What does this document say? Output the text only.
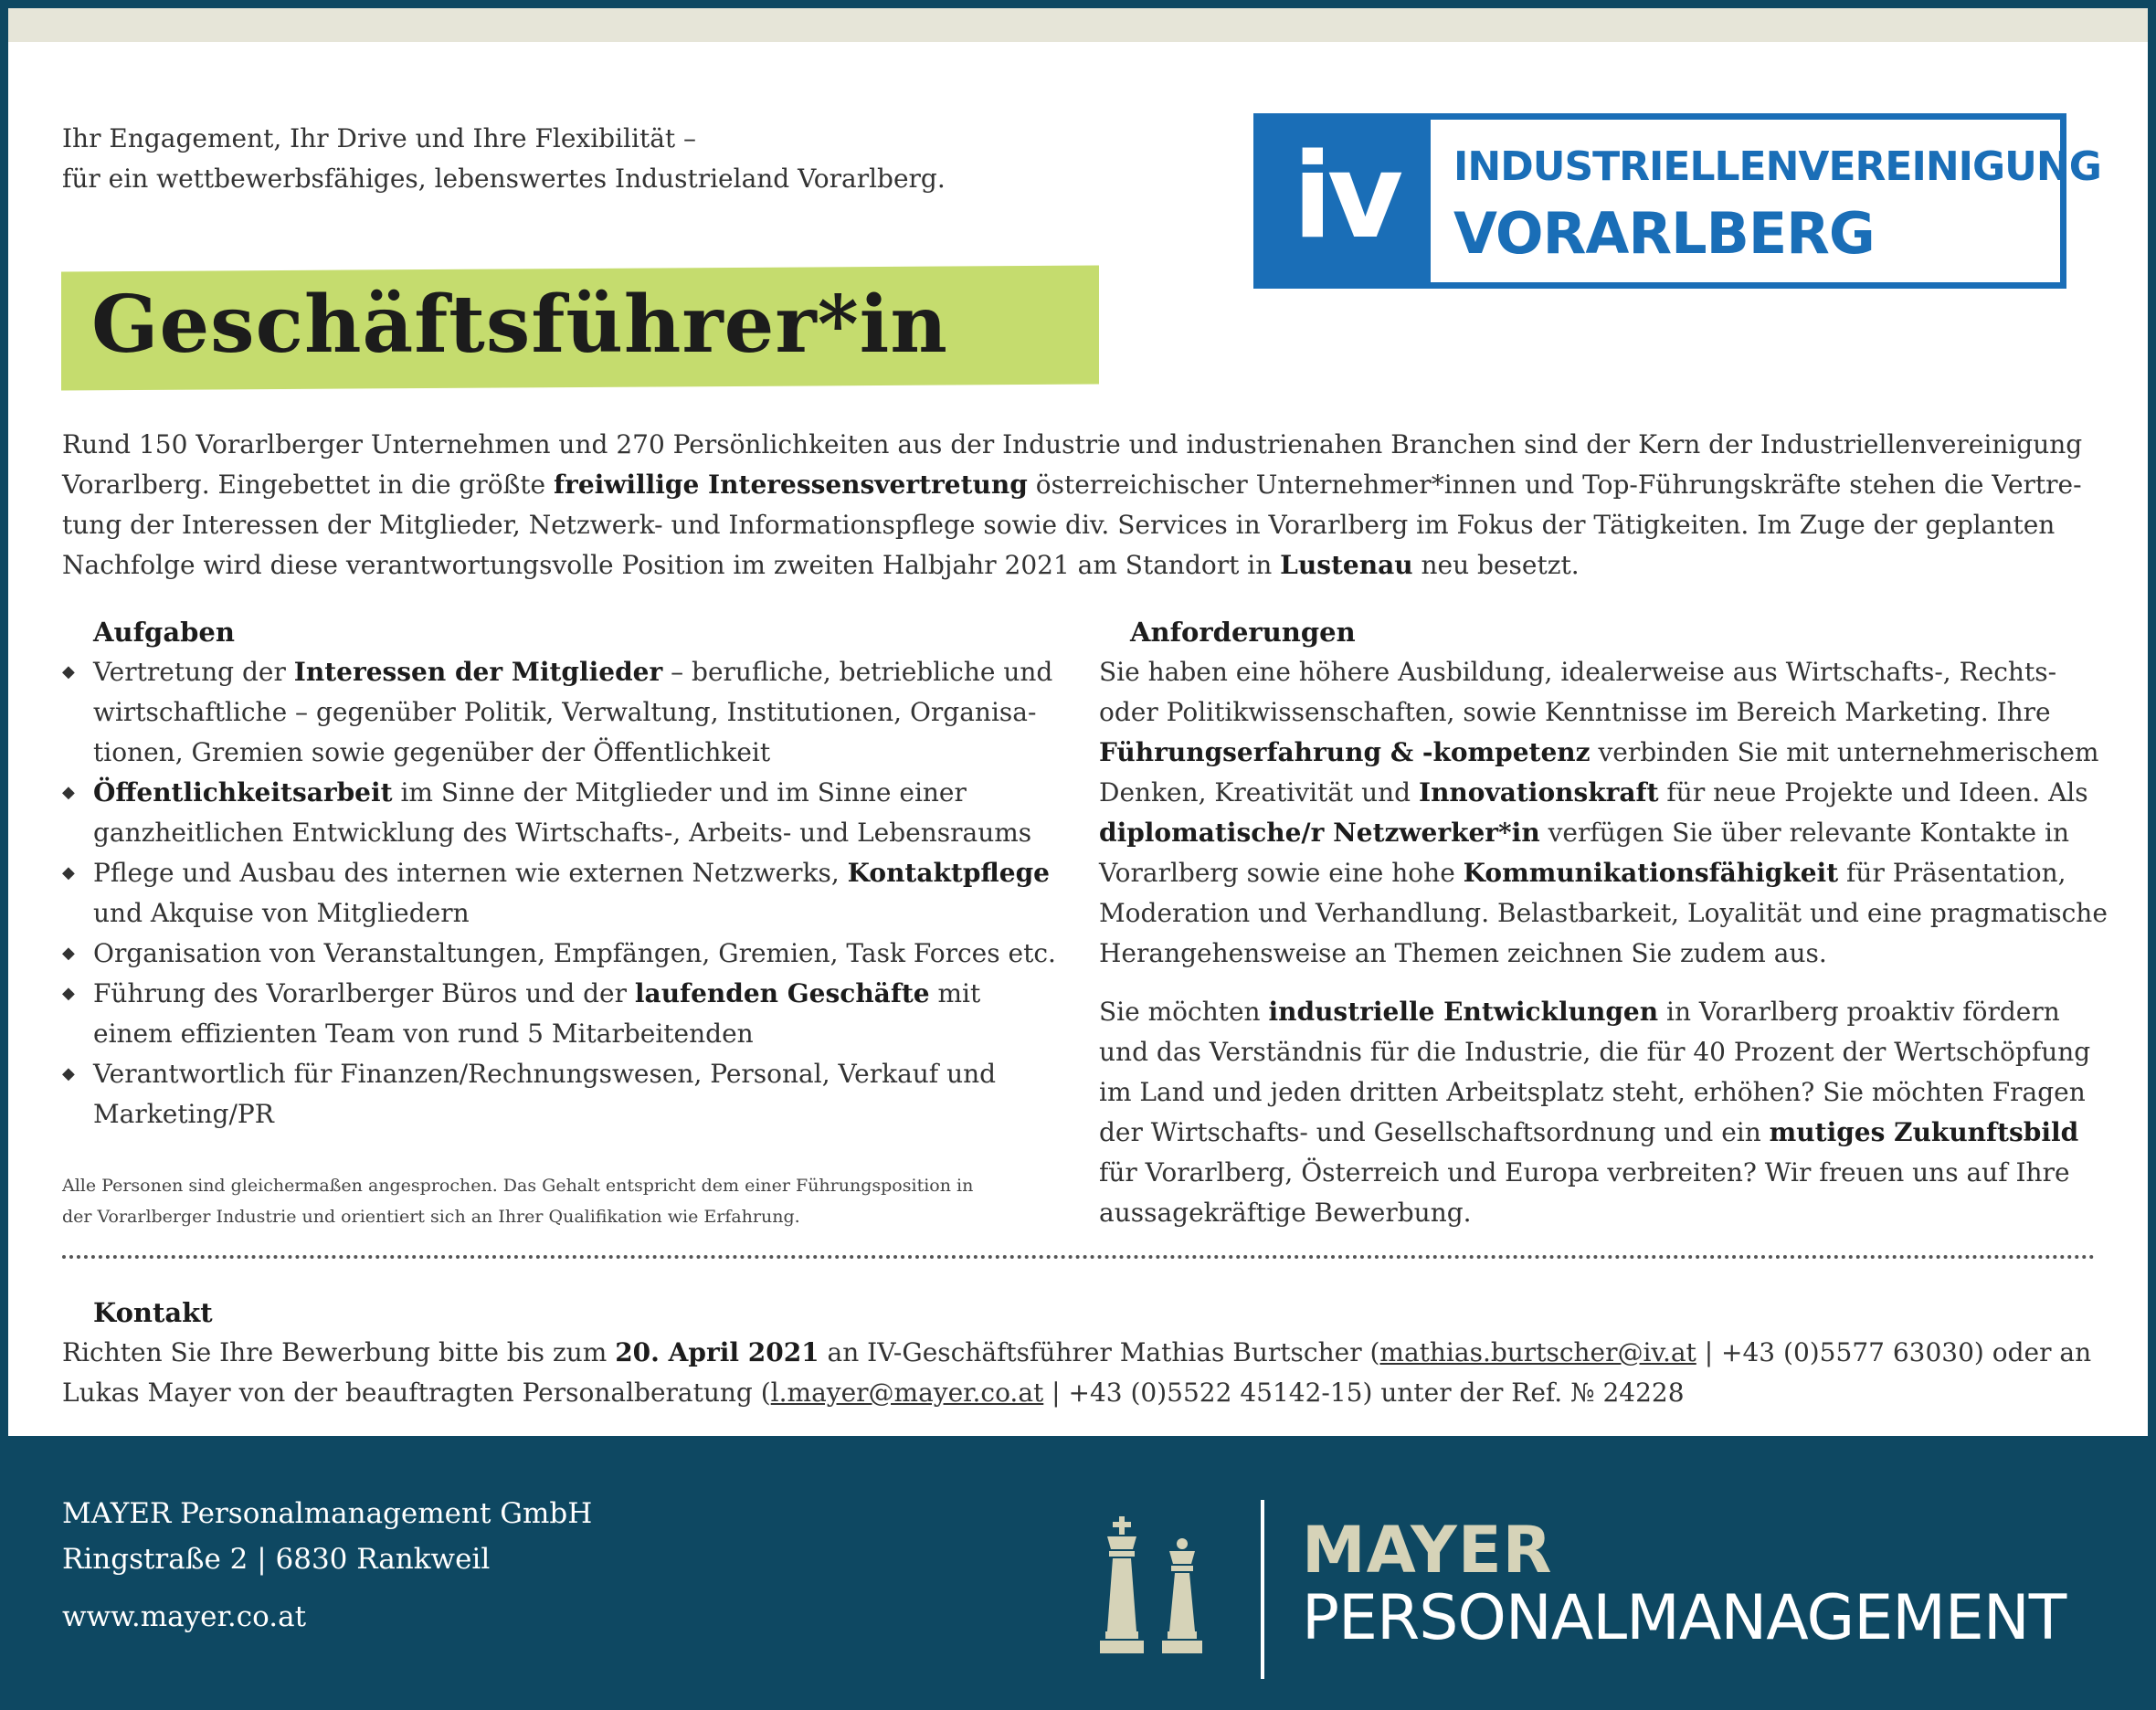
Ihr Engagement, Ihr Drive und Ihre Flexibilität –
für ein wettbewerbsfähiges, lebenswertes Industrieland Vorarlberg.	iv INDUSTRIELLENVEREINIGUNG
VORARLBERG
Geschäftsführer*in
Rund 150 Vorarlberger Unternehmen und 270 Persönlichkeiten aus der Industrie und industrienahen Branchen sind der Kern der Industriellenvereinigung
Vorarlberg. Eingebettet in die größte freiwillige Interessensvertretung österreichischer Unternehmer*innen und Top-Führungskräfte stehen die Vertre-
tung der Interessen der Mitglieder, Netzwerk- und Informationspflege sowie div. Services in Vorarlberg im Fokus der Tätigkeiten. Im Zuge der geplanten
Nachfolge wird diese verantwortungsvolle Position im zweiten Halbjahr 2021 am Standort in Lustenau neu besetzt.
Aufgaben
◆ Vertretung der Interessen der Mitglieder – berufliche, betriebliche und
wirtschaftliche – gegenüber Politik, Verwaltung, Institutionen, Organisa-
tionen, Gremien sowie gegenüber der Öffentlichkeit
◆ Öffentlichkeitsarbeit im Sinne der Mitglieder und im Sinne einer
ganzheitlichen Entwicklung des Wirtschafts-, Arbeits- und Lebensraums
◆ Pflege und Ausbau des internen wie externen Netzwerks, Kontaktpflege
und Akquise von Mitgliedern
◆ Organisation von Veranstaltungen, Empfängen, Gremien, Task Forces etc.
◆ Führung des Vorarlberger Büros und der laufenden Geschäfte mit
einem effizienten Team von rund 5 Mitarbeitenden
◆ Verantwortlich für Finanzen/Rechnungswesen, Personal, Verkauf und
Marketing/PR
Alle Personen sind gleichermaßen angesprochen. Das Gehalt entspricht dem einer Führungsposition in
der Vorarlberger Industrie und orientiert sich an Ihrer Qualifikation wie Erfahrung.
Anforderungen
Sie haben eine höhere Ausbildung, idealerweise aus Wirtschafts-, Rechts-
oder Politikwissenschaften, sowie Kenntnisse im Bereich Marketing. Ihre
Führungserfahrung & -kompetenz verbinden Sie mit unternehmerischem
Denken, Kreativität und Innovationskraft für neue Projekte und Ideen. Als
diplomatische/r Netzwerker*in verfügen Sie über relevante Kontakte in
Vorarlberg sowie eine hohe Kommunikationsfähigkeit für Präsentation,
Moderation und Verhandlung. Belastbarkeit, Loyalität und eine pragmatische
Herangehensweise an Themen zeichnen Sie zudem aus.
Sie möchten industrielle Entwicklungen in Vorarlberg proaktiv fördern
und das Verständnis für die Industrie, die für 40 Prozent der Wertschöpfung
im Land und jeden dritten Arbeitsplatz steht, erhöhen? Sie möchten Fragen
der Wirtschafts- und Gesellschaftsordnung und ein mutiges Zukunftsbild
für Vorarlberg, Österreich und Europa verbreiten? Wir freuen uns auf Ihre
aussagekräftige Bewerbung.
Kontakt
Richten Sie Ihre Bewerbung bitte bis zum 20. April 2021 an IV-Geschäftsführer Mathias Burtscher (mathias.burtscher@iv.at | +43 (0)5577 63030) oder an
Lukas Mayer von der beauftragten Personalberatung (l.mayer@mayer.co.at | +43 (0)5522 45142-15) unter der Ref. № 24228
MAYER Personalmanagement GmbH
Ringstraße 2 | 6830 Rankweil
www.mayer.co.at
MAYER
PERSONALMANAGEMENT
